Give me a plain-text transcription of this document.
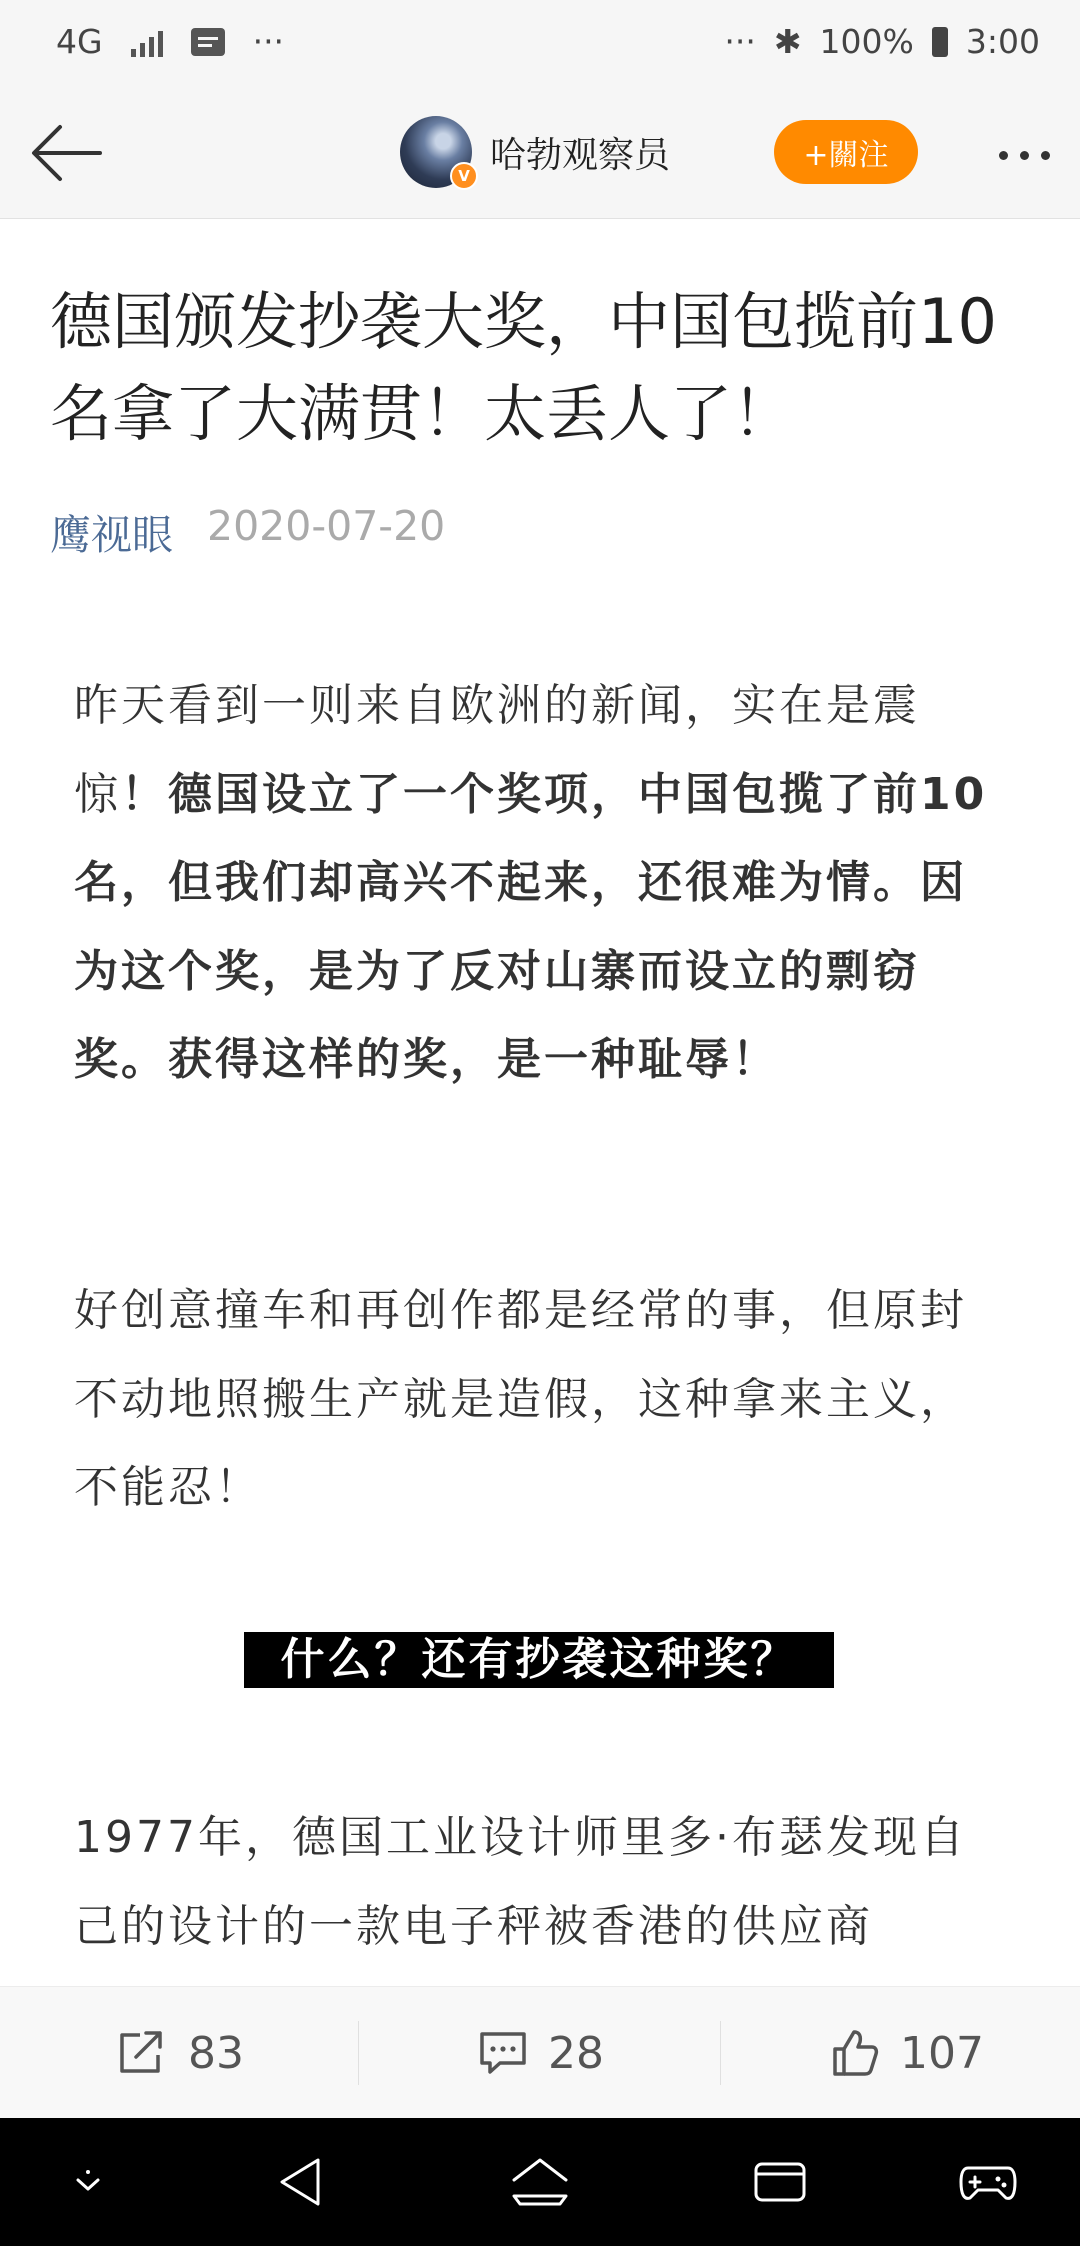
4G	···	··· ✱ 100% 3:00
V
哈勃观察员	+關注
德国颁发抄袭大奖，中国包揽前10名拿了大满贯！太丢人了！
鹰视眼 2020-07-20

昨天看到一则来自欧洲的新闻，实在是震惊！德国设立了一个奖项，中国包揽了前10名，但我们却高兴不起来，还很难为情。因为这个奖，是为了反对山寨而设立的剽窃奖。获得这样的奖，是一种耻辱！

好创意撞车和再创作都是经常的事，但原封不动地照搬生产就是造假，这种拿来主义，不能忍！

什么？还有抄袭这种奖？

1977年，德国工业设计师里多·布瑟发现自己的设计的一款电子秤被香港的供应商

83	28	107
